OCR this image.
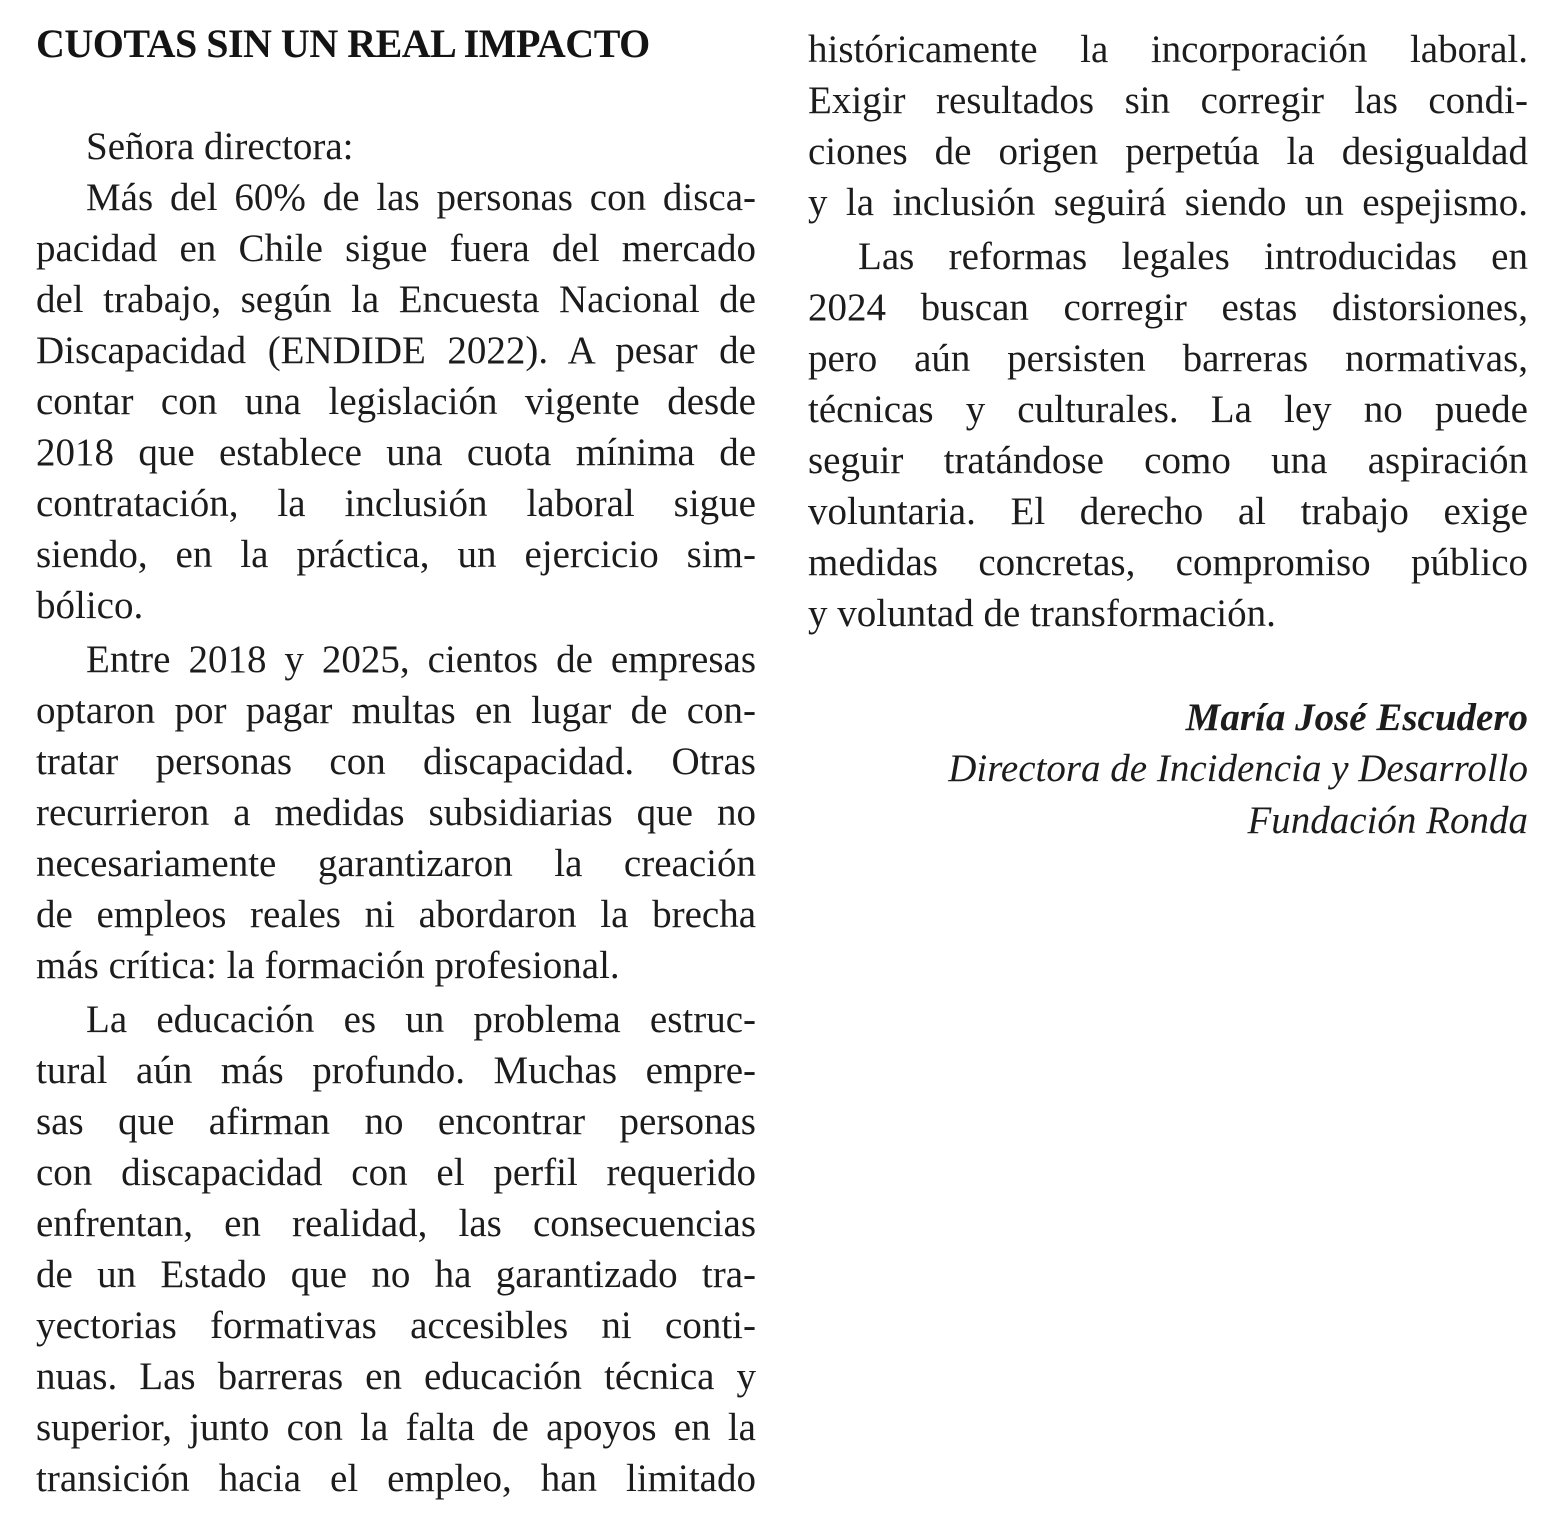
CUOTAS SIN UN REAL IMPACTO
Señora directora:
Más del 60% de las personas con disca-
pacidad en Chile sigue fuera del mercado
del trabajo, según la Encuesta Nacional de
Discapacidad (ENDIDE 2022). A pesar de
contar con una legislación vigente desde
2018 que establece una cuota mínima de
contratación, la inclusión laboral sigue
siendo, en la práctica, un ejercicio sim-
bólico.
Entre 2018 y 2025, cientos de empresas
optaron por pagar multas en lugar de con-
tratar personas con discapacidad. Otras
recurrieron a medidas subsidiarias que no
necesariamente garantizaron la creación
de empleos reales ni abordaron la brecha
más crítica: la formación profesional.
La educación es un problema estruc-
tural aún más profundo. Muchas empre-
sas que afirman no encontrar personas
con discapacidad con el perfil requerido
enfrentan, en realidad, las consecuencias
de un Estado que no ha garantizado tra-
yectorias formativas accesibles ni conti-
nuas. Las barreras en educación técnica y
superior, junto con la falta de apoyos en la
transición hacia el empleo, han limitado
históricamente la incorporación laboral.
Exigir resultados sin corregir las condi-
ciones de origen perpetúa la desigualdad
y la inclusión seguirá siendo un espejismo.
Las reformas legales introducidas en
2024 buscan corregir estas distorsiones,
pero aún persisten barreras normativas,
técnicas y culturales. La ley no puede
seguir tratándose como una aspiración
voluntaria. El derecho al trabajo exige
medidas concretas, compromiso público
y voluntad de transformación.
María José Escudero
Directora de Incidencia y Desarrollo
Fundación Ronda
